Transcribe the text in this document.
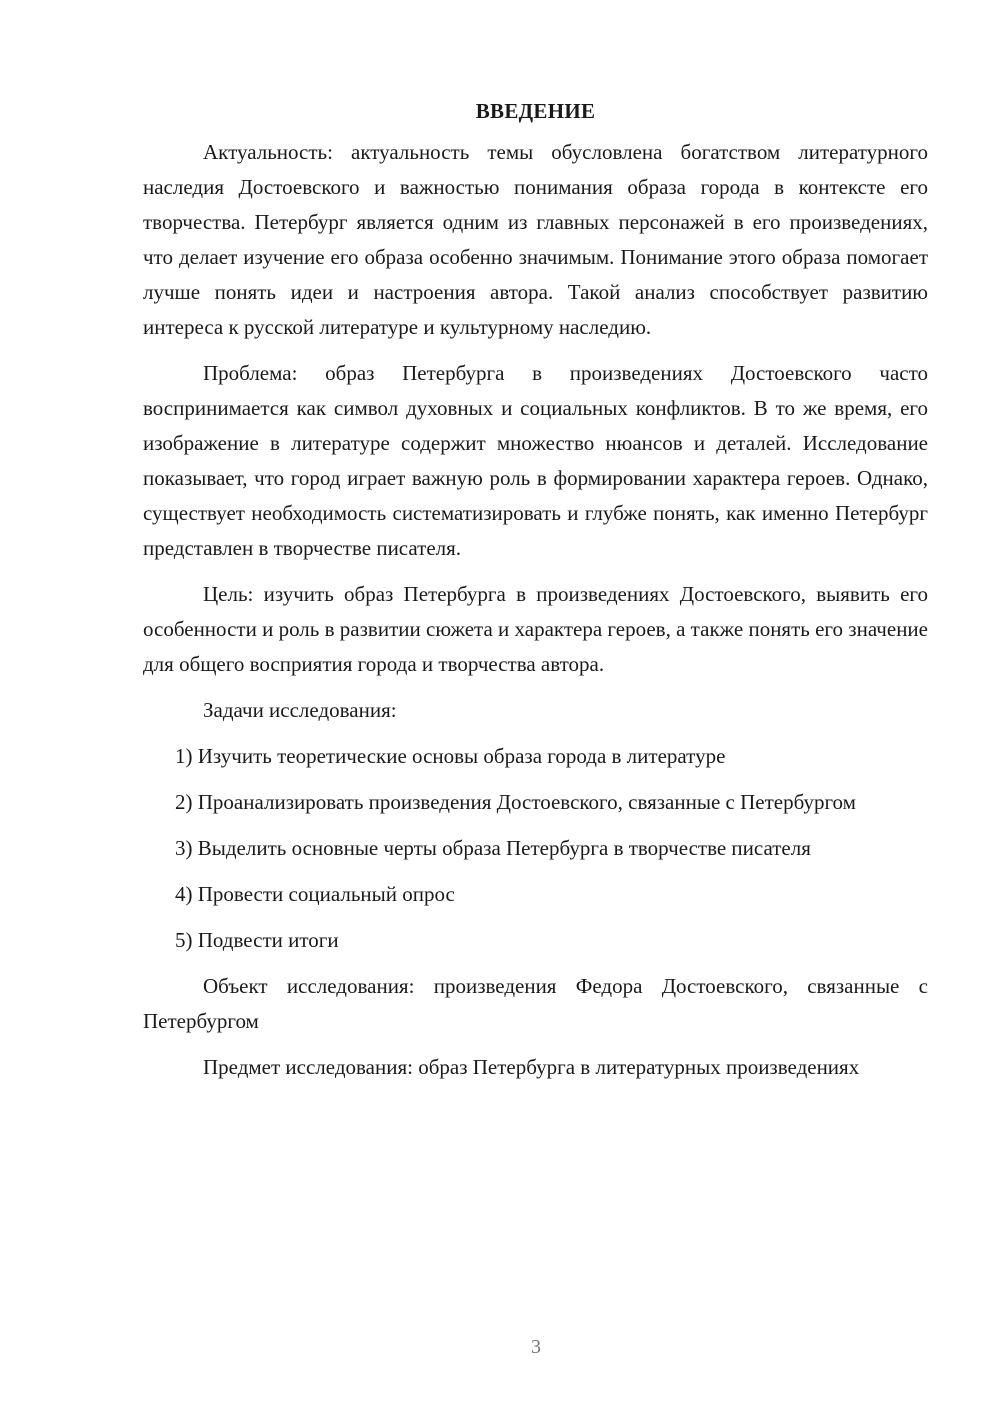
ВВЕДЕНИЕ

Актуальность: актуальность темы обусловлена богатством литературного наследия Достоевского и важностью понимания образа города в контексте его творчества. Петербург является одним из главных персонажей в его произведениях, что делает изучение его образа особенно значимым. Понимание этого образа помогает лучше понять идеи и настроения автора. Такой анализ способствует развитию интереса к русской литературе и культурному наследию.

Проблема: образ Петербурга в произведениях Достоевского часто воспринимается как символ духовных и социальных конфликтов. В то же время, его изображение в литературе содержит множество нюансов и деталей. Исследование показывает, что город играет важную роль в формировании характера героев. Однако, существует необходимость систематизировать и глубже понять, как именно Петербург представлен в творчестве писателя.

Цель: изучить образ Петербурга в произведениях Достоевского, выявить его особенности и роль в развитии сюжета и характера героев, а также понять его значение для общего восприятия города и творчества автора.

Задачи исследования:

1) Изучить теоретические основы образа города в литературе

2) Проанализировать произведения Достоевского, связанные с Петербургом

3) Выделить основные черты образа Петербурга в творчестве писателя

4) Провести социальный опрос

5) Подвести итоги

Объект исследования: произведения Федора Достоевского, связанные с Петербургом

Предмет исследования: образ Петербурга в литературных произведениях

3
